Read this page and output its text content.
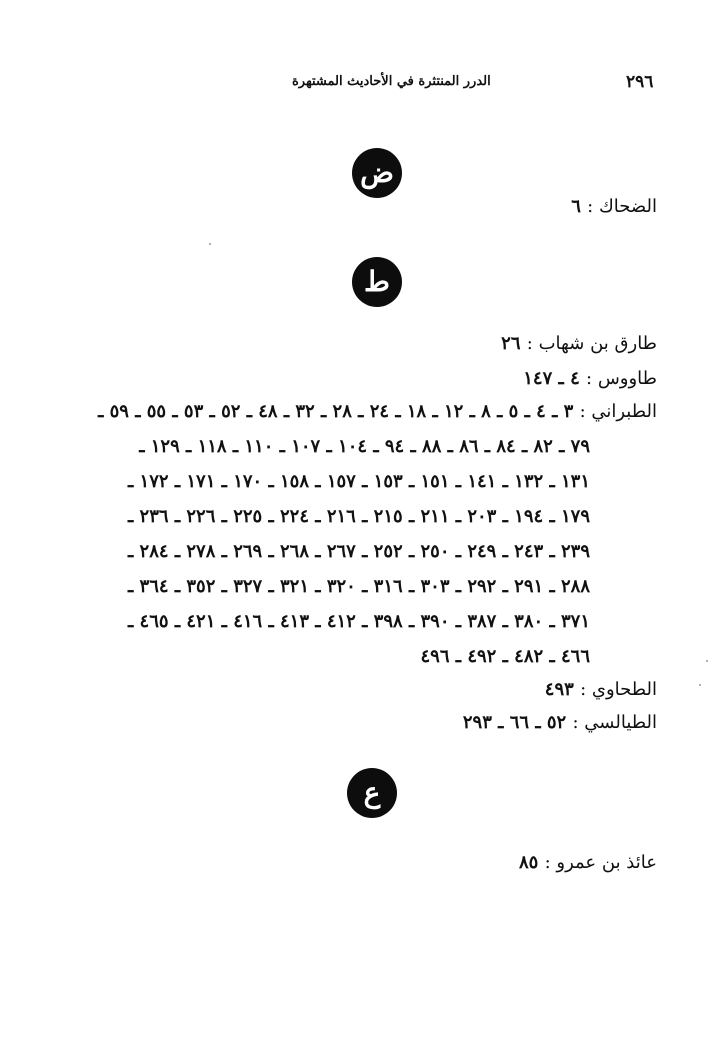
٢٩٦
الدرر المنتثرة في الأحاديث المشتهرة
ض
الضحاك : ٦
ط
طارق بن شهاب : ٢٦
طاووس : ٤ ـ ١٤٧
الطبراني : ٣ ـ ٤ ـ ٥ ـ ٨ ـ ١٢ ـ ١٨ ـ ٢٤ ـ ٢٨ ـ ٣٢ ـ ٤٨ ـ ٥٢ ـ ٥٣ ـ ٥٥ ـ ٥٩ ـ
٧٩ ـ ٨٢ ـ ٨٤ ـ ٨٦ ـ ٨٨ ـ ٩٤ ـ ١٠٤ ـ ١٠٧ ـ ١١٠ ـ ١١٨ ـ ١٢٩ ـ
١٣١ ـ ١٣٢ ـ ١٤١ ـ ١٥١ ـ ١٥٣ ـ ١٥٧ ـ ١٥٨ ـ ١٧٠ ـ ١٧١ ـ ١٧٢ ـ
١٧٩ ـ ١٩٤ ـ ٢٠٣ ـ ٢١١ ـ ٢١٥ ـ ٢١٦ ـ ٢٢٤ ـ ٢٢٥ ـ ٢٢٦ ـ ٢٣٦ ـ
٢٣٩ ـ ٢٤٣ ـ ٢٤٩ ـ ٢٥٠ ـ ٢٥٢ ـ ٢٦٧ ـ ٢٦٨ ـ ٢٦٩ ـ ٢٧٨ ـ ٢٨٤ ـ
٢٨٨ ـ ٢٩١ ـ ٢٩٢ ـ ٣٠٣ ـ ٣١٦ ـ ٣٢٠ ـ ٣٢١ ـ ٣٢٧ ـ ٣٥٢ ـ ٣٦٤ ـ
٣٧١ ـ ٣٨٠ ـ ٣٨٧ ـ ٣٩٠ ـ ٣٩٨ ـ ٤١٢ ـ ٤١٣ ـ ٤١٦ ـ ٤٢١ ـ ٤٦٥ ـ
٤٦٦ ـ ٤٨٢ ـ ٤٩٢ ـ ٤٩٦
الطحاوي : ٤٩٣
الطيالسي : ٥٢ ـ ٦٦ ـ ٢٩٣
ع
عائذ بن عمرو : ٨٥
